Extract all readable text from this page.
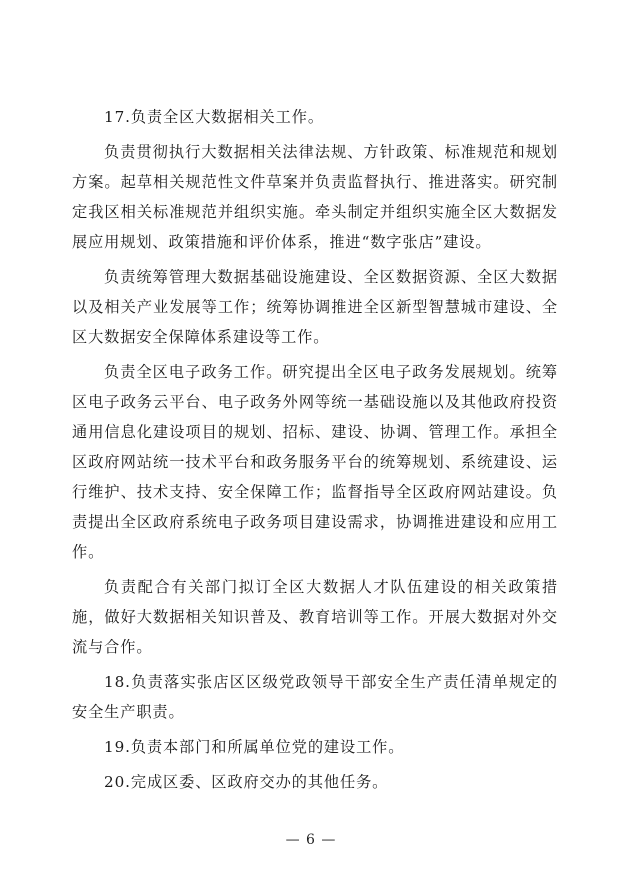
17.负责全区大数据相关工作。

负责贯彻执行大数据相关法律法规、方针政策、标准规范和规划方案。起草相关规范性文件草案并负责监督执行、推进落实。研究制定我区相关标准规范并组织实施。牵头制定并组织实施全区大数据发展应用规划、政策措施和评价体系，推进“数字张店”建设。

负责统筹管理大数据基础设施建设、全区数据资源、全区大数据以及相关产业发展等工作；统筹协调推进全区新型智慧城市建设、全区大数据安全保障体系建设等工作。

负责全区电子政务工作。研究提出全区电子政务发展规划。统筹区电子政务云平台、电子政务外网等统一基础设施以及其他政府投资通用信息化建设项目的规划、招标、建设、协调、管理工作。承担全区政府网站统一技术平台和政务服务平台的统筹规划、系统建设、运行维护、技术支持、安全保障工作；监督指导全区政府网站建设。负责提出全区政府系统电子政务项目建设需求，协调推进建设和应用工作。

负责配合有关部门拟订全区大数据人才队伍建设的相关政策措施，做好大数据相关知识普及、教育培训等工作。开展大数据对外交流与合作。

18.负责落实张店区区级党政领导干部安全生产责任清单规定的安全生产职责。

19.负责本部门和所属单位党的建设工作。

20.完成区委、区政府交办的其他任务。

— 6 —
